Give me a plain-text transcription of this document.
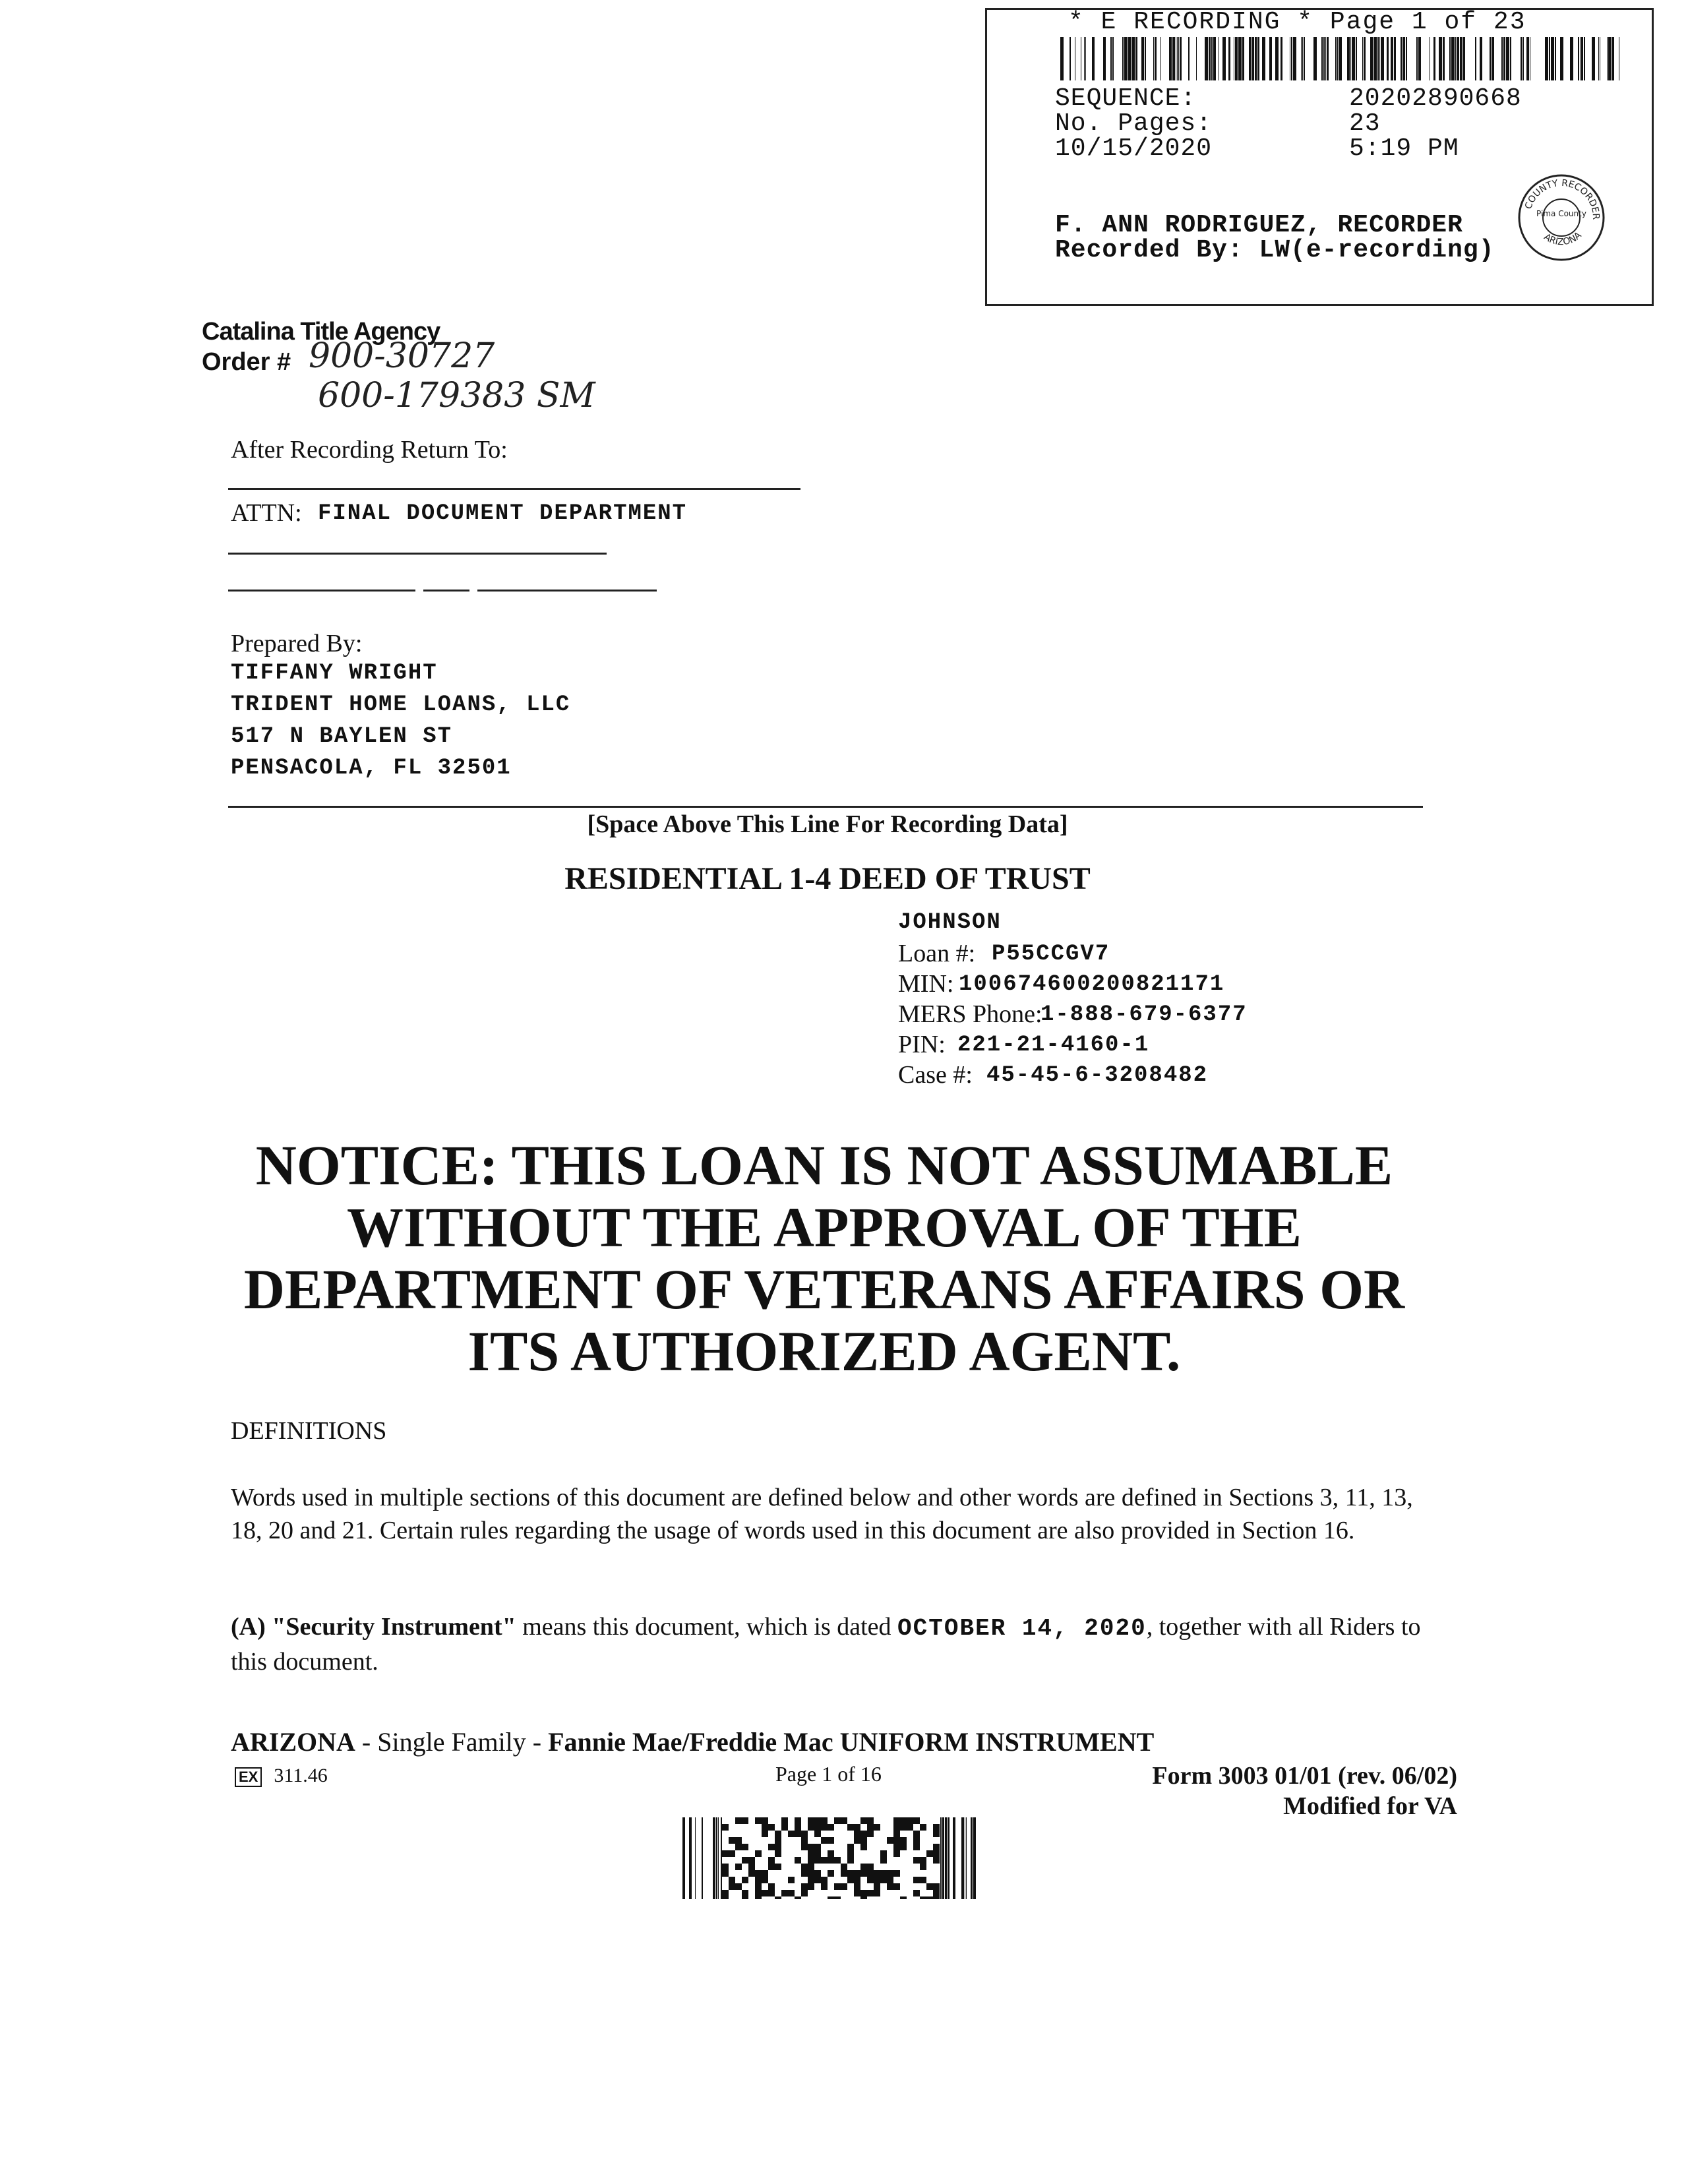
* E RECORDING * Page 1 of 23
SEQUENCE:	20202890668
No. Pages:	23
10/15/2020	5:19 PM
F. ANN RODRIGUEZ, RECORDER
Recorded By: LW(e-recording)
COUNTY RECORDER
ARIZONA
Pima County
Catalina Title Agency
Order # 900-30727
600-179383 SM
After Recording Return To:
ATTN: FINAL DOCUMENT DEPARTMENT
Prepared By:
TIFFANY WRIGHT
TRIDENT HOME LOANS, LLC
517 N BAYLEN ST
PENSACOLA, FL 32501
[Space Above This Line For Recording Data]
RESIDENTIAL 1-4 DEED OF TRUST
JOHNSON
Loan #: P55CCGV7
MIN: 100674600200821171
MERS Phone:
1-888-679-6377
PIN: 221-21-4160-1
Case #: 45-45-6-3208482
NOTICE: THIS LOAN IS NOT ASSUMABLE
WITHOUT THE APPROVAL OF THE
DEPARTMENT OF VETERANS AFFAIRS OR
ITS AUTHORIZED AGENT.
DEFINITIONS
Words used in multiple sections of this document are defined below and other words are defined in Sections 3, 11, 13, 18, 20 and 21. Certain rules regarding the usage of words used in this document are also provided in Section 16.
(A) "Security Instrument" means this document, which is dated OCTOBER 14, 2020, together with all Riders to this document.
ARIZONA - Single Family - Fannie Mae/Freddie Mac UNIFORM INSTRUMENT
EX 311.46	Page 1 of 16	Form 3003 01/01 (rev. 06/02)
Modified for VA
